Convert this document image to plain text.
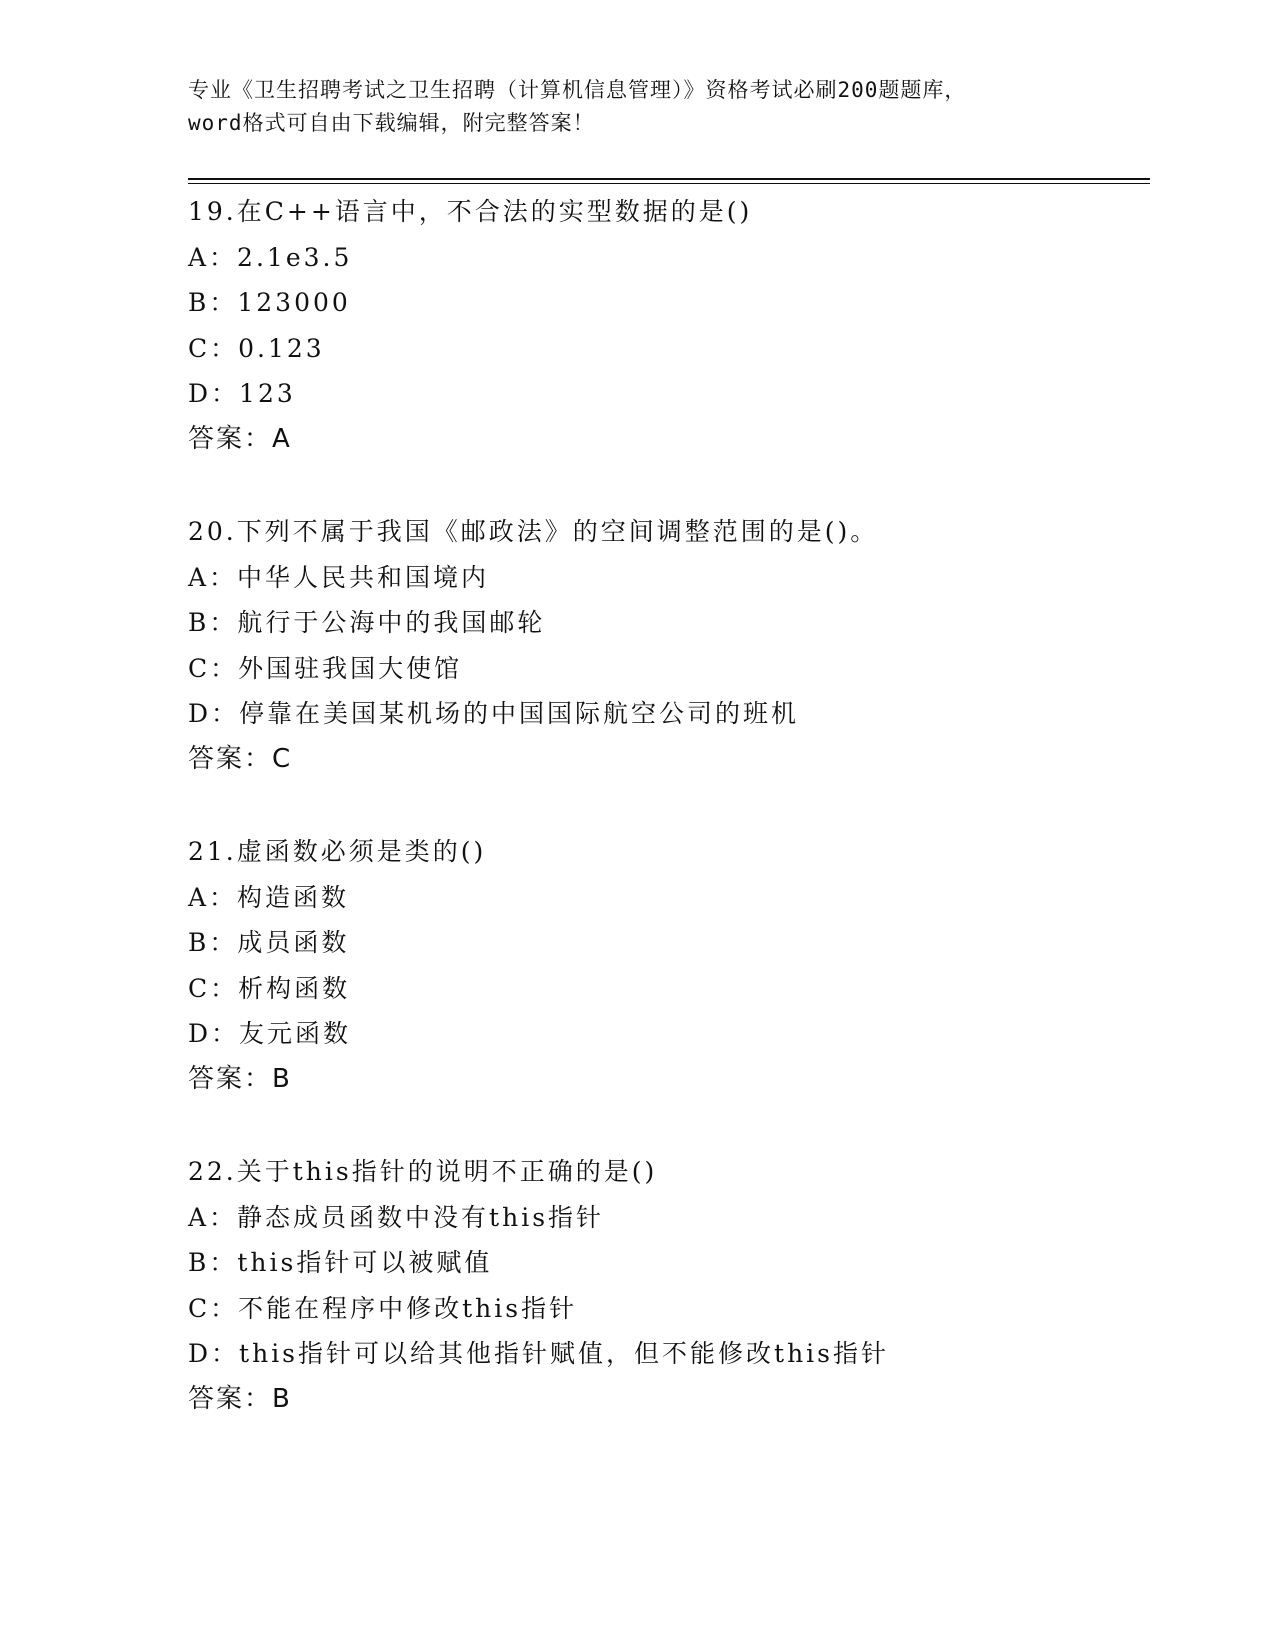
专业《卫生招聘考试之卫生招聘（计算机信息管理）》资格考试必刷200题题库，
word格式可自由下载编辑，附完整答案！
19.在C++语言中，不合法的实型数据的是()
A：2.1e3.5
B：123000
C：0.123
D：123
答案：A
20.下列不属于我国《邮政法》的空间调整范围的是()。
A：中华人民共和国境内
B：航行于公海中的我国邮轮
C：外国驻我国大使馆
D：停靠在美国某机场的中国国际航空公司的班机
答案：C
21.虚函数必须是类的()
A：构造函数
B：成员函数
C：析构函数
D：友元函数
答案：B
22.关于this指针的说明不正确的是()
A：静态成员函数中没有this指针
B：this指针可以被赋值
C：不能在程序中修改this指针
D：this指针可以给其他指针赋值，但不能修改this指针
答案：B
